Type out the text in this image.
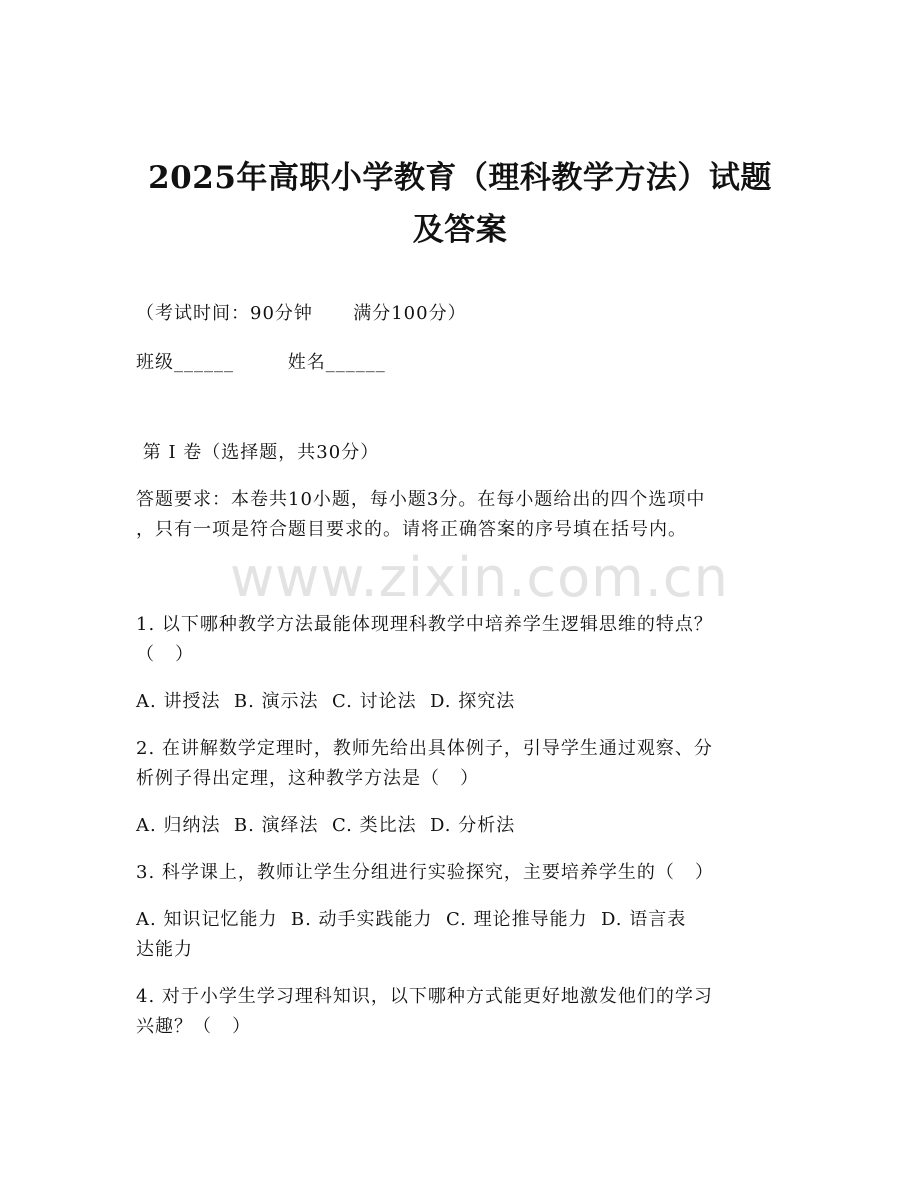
2025年高职小学教育（理科教学方法）试题
及答案
（考试时间：90分钟      满分100分）
班级______        姓名______
第 I 卷（选择题，共30分）
答题要求：本卷共10小题，每小题3分。在每小题给出的四个选项中
，只有一项是符合题目要求的。请将正确答案的序号填在括号内。
www.zixin.com.cn
1. 以下哪种教学方法最能体现理科教学中培养学生逻辑思维的特点？
（   ）
A. 讲授法  B. 演示法  C. 讨论法  D. 探究法
2. 在讲解数学定理时，教师先给出具体例子，引导学生通过观察、分
析例子得出定理，这种教学方法是（   ）
A. 归纳法  B. 演绎法  C. 类比法  D. 分析法
3. 科学课上，教师让学生分组进行实验探究，主要培养学生的（   ）
A. 知识记忆能力  B. 动手实践能力  C. 理论推导能力  D. 语言表
达能力
4. 对于小学生学习理科知识，以下哪种方式能更好地激发他们的学习
兴趣？（   ）
